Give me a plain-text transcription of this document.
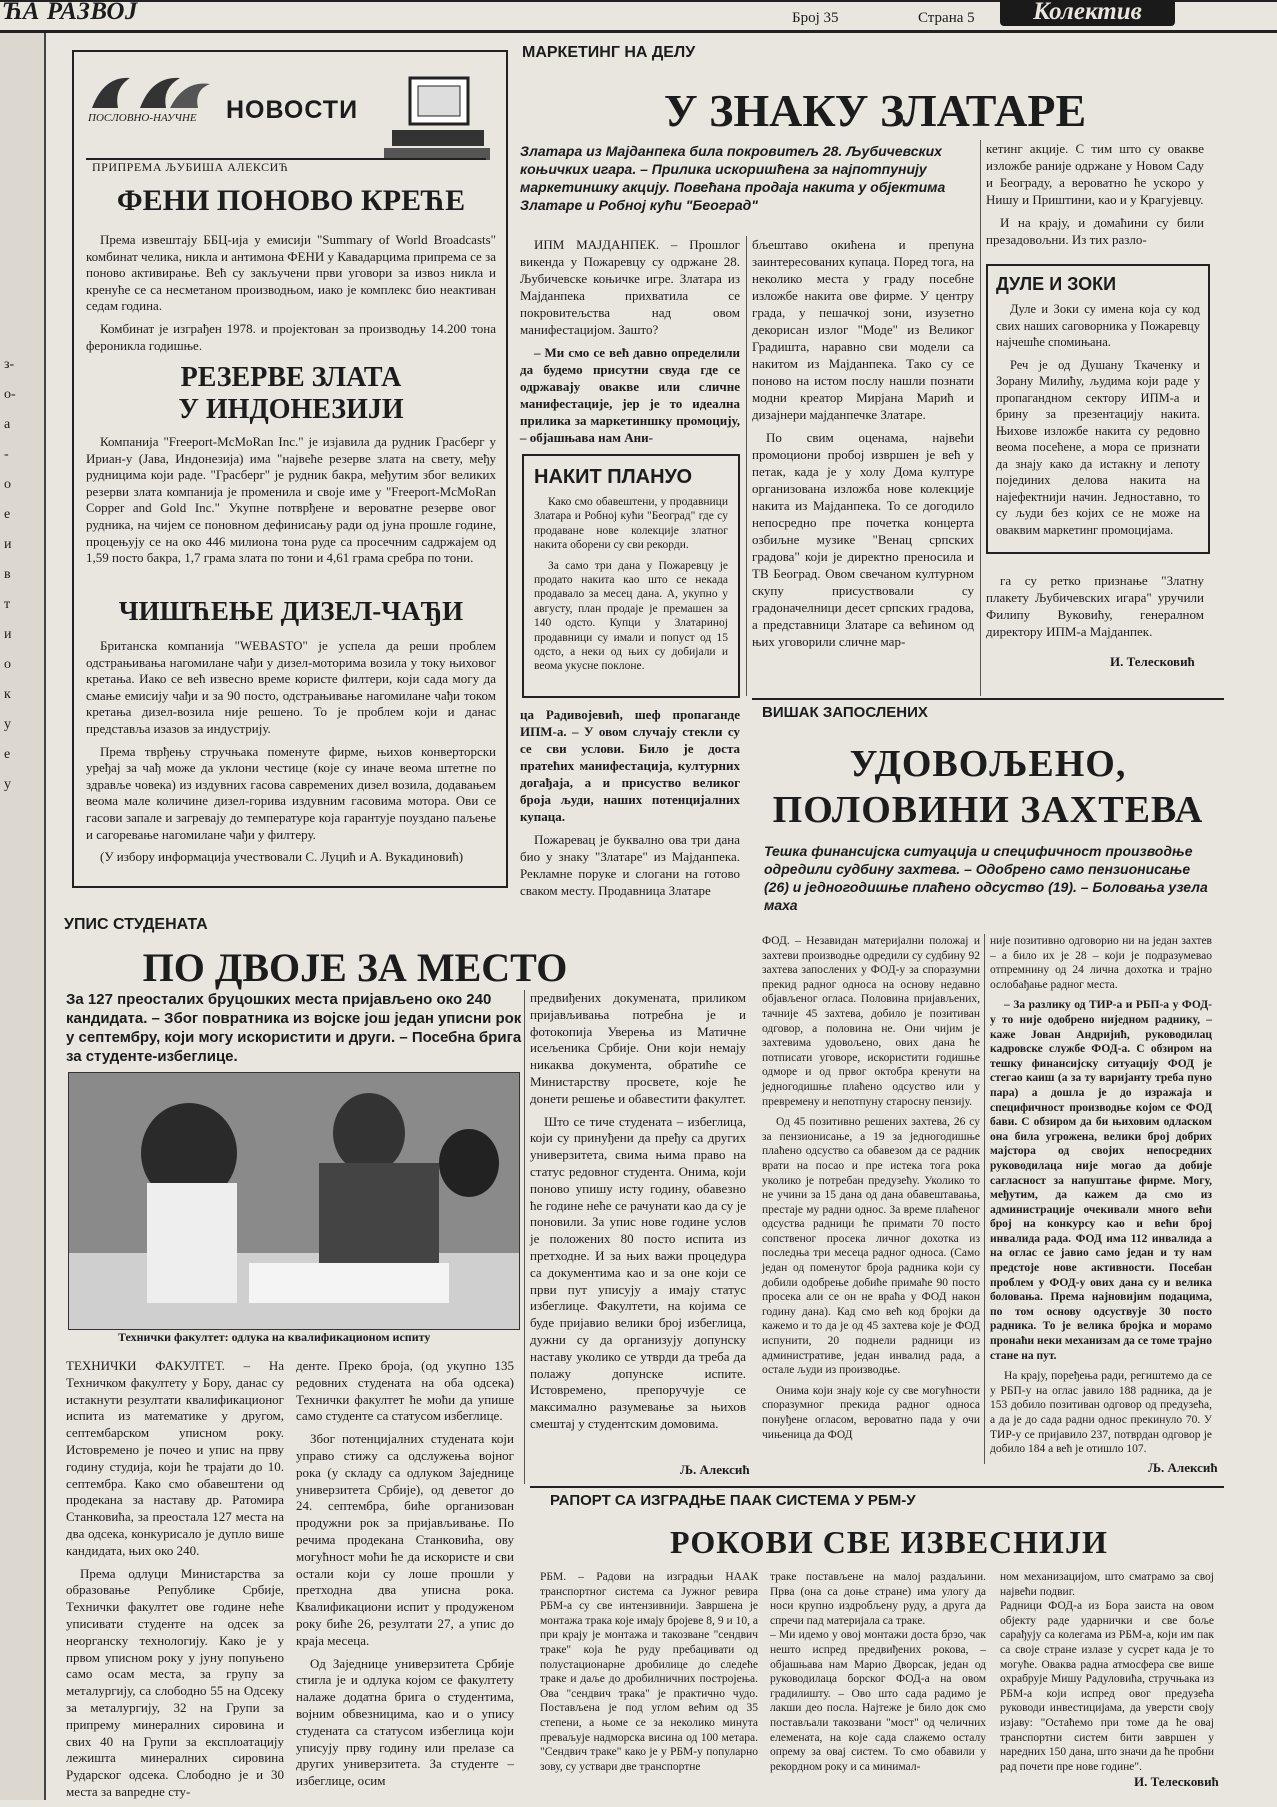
ЋА РАЗВОЈ	Број 35	Страна 5	Колектив
з-
о-
а
-
о
е
и
в
т
и
о
к
у
е
у
ПОСЛОВНО-НАУЧНЕ НОВОСТИ
ПРИПРЕМА ЉУБИША АЛЕКСИЋ
ФЕНИ ПОНОВО КРЕЋЕ

Према извештају ББЦ-ија у емисији "Summary of World Broadcasts" комбинат челика, никла и антимона ФЕНИ у Кавадарцима припрема се за поново активирање. Већ су закључени први уговори за извоз никла и кренуће се са несметаном производњом, иако је комплекс био неактиван седам година.

Комбинат је изграђен 1978. и пројектован за производњу 14.200 тона фероникла годишње.

РЕЗЕРВЕ ЗЛАТА
У ИНДОНЕЗИЈИ

Компанија "Freeport-McMoRan Inc." је изјавила да рудник Грасберг у Ириан-у (Јава, Индонезија) има "највеће резерве злата на свету, међу рудницима који раде. "Грасберг" је рудник бакра, међутим због великих резерви злата компанија је променила и своје име у "Freeport-McMoRan Copper and Gold Inc." Укупне потврђене и вероватне резерве овог рудника, на чијем се поновном дефинисању ради од јуна прошле године, процењују се на око 446 милиона тона руде са просечним садржајем од 1,59 посто бакра, 1,7 грама злата по тони и 4,61 грама сребра по тони.

ЧИШЋЕЊЕ ДИЗЕЛ-ЧАЂИ

Британска компанија "WEBASTO" је успела да реши проблем одстрањивања нагомилане чађи у дизел-моторима возила у току њиховог кретања. Иако се већ извесно време користе филтери, који сада могу да смање емисију чађи и за 90 посто, одстрањивање нагомилане чађи током кретања дизел-возила није решено. То је проблем који и данас представља изазов за индустрију.

Према тврђењу стручњака поменуте фирме, њихов конверторски уређај за чађ може да уклони честице (које су иначе веома штетне по здравље човека) из издувних гасова савремених дизел возила, додавањем веома мале количине дизел-горива издувним гасовима мотора. Ови се гасови запале и загревају до температуре која гарантује поуздано паљење и сагоревање нагомилане чађи у филтеру.

(У избору информација учествовали С. Луцић и А. Вукадиновић)

МАРКЕТИНГ НА ДЕЛУ
У ЗНАКУ ЗЛАТАРЕ
Златара из Мајданпека била покровитељ 28. Љубичевских коњичких игара. – Прилика искоришћена за најпотпунију маркетиншку акцију. Повећана продаја накита у објектима Златаре и Робној кући "Београд"

ИПМ МАЈДАНПЕК. – Прошлог викенда у Пожаревцу су одржане 28. Љубичевске коњичке игре. Златара из Мајданпека прихватила се покровитељства над овом манифестацијом. Зашто?

– Ми смо се већ давно определили да будемо присутни свуда где се одржавају овакве или сличне манифестације, јер је то идеална прилика за маркетиншку промоцију, – објашњава нам Ани-

НАКИТ ПЛАНУО

Како смо обавештени, у продавници Златара и Робној кући "Београд" где су продаване нове колекције златног накита оборени су сви рекорди.

За само три дана у Пожаревцу је продато накита као што се некада продавало за месец дана. А, укупно у августу, план продаје је премашен за 140 одсто. Купци у Златариној продавници су имали и попуст од 15 одсто, а неки од њих су добијали и веома укусне поклоне.

ца Радивојевић, шеф пропаганде ИПМ-а. – У овом случају стекли су се сви услови. Било је доста пратећих манифестација, културних догађаја, а и присуство великог броја људи, наших потенцијалних купаца.

Пожаревац је буквално ова три дана био у знаку "Златаре" из Мајданпека. Рекламне поруке и слогани на готово сваком месту. Продавница Златаре

бљештаво окићена и препуна заинтересованих купаца. Поред тога, на неколико места у граду посебне изложбе накита ове фирме. У центру града, у пешачкој зони, изузетно декорисан излог "Моде" из Великог Градишта, наравно сви модели са накитом из Мајданпека. Тако су се поново на истом послу нашли познати модни креатор Мирјана Марић и дизајнери мајданпечке Златаре.

По свим оценама, највећи промоциони пробој извршен је већ у петак, када је у холу Дома културе организована изложба нове колекције накита из Мајданпека. То се догодило непосредно пре почетка концерта озбиљне музике "Венац српских градова" који је директно преносила и ТВ Београд. Овом свечаном културном скупу присуствовали су градоначелници десет српских градова, а представници Златаре са већином од њих уговорили сличне мар-

кетинг акције. С тим што су овакве изложбе раније одржане у Новом Саду и Београду, а вероватно ће ускоро у Нишу и Приштини, као и у Крагујевцу.

И на крају, и домаћини су били презадовољни. Из тих разло-

ДУЛЕ И ЗОКИ

Дуле и Зоки су имена која су код свих наших саговорника у Пожаревцу најчешће спомињана.

Реч је од Душану Ткаченку и Зорану Милићу, људима који раде у пропагандном сектору ИПМ-а и брину за презентацију накита. Њихове изложбе накита су редовно веома посећене, а мора се признати да знају како да истакну и лепоту појединих делова накита на најефектнији начин. Једноставно, то су људи без којих се не може на оваквим маркетинг промоцијама.

га су ретко признање "Златну плакету Љубичевских игара" уручили Филипу Вуковићу, генералном директору ИПМ-а Мајданпек.

И. Телесковић
ВИШАК ЗАПОСЛЕНИХ
УДОВОЉЕНО,
ПОЛОВИНИ ЗАХТЕВА
Тешка финансијска ситуација и специфичност производње одредили судбину захтева. – Одобрено само пензионисање (26) и једногодишње плаћено одсуство (19). – Боловања узела маха

ФОД. – Незавидан материјални положај и захтеви производње одредили су судбину 92 захтева запослених у ФОД-у за споразумни прекид радног односа на основу недавно објављеног огласа. Половина пријављених, тачније 45 захтева, добило је позитиван одговор, а половина не. Они чијим је захтевима удовољено, ових дана ће потписати уговоре, искористити годишње одморе и од првог октобра кренути на једногодишње плаћено одсуство или у превремену и непотпуну старосну пензију.

Од 45 позитивно решених захтева, 26 су за пензионисање, а 19 за једногодишње плаћено одсуство са обавезом да се радник врати на посао и пре истека тога рока уколико је потребан предузећу. Уколико то не учини за 15 дана од дана обавештавања, престаје му радни однос. За време плаћеног одсуства радници ће примати 70 посто сопственог просека личног дохотка из последња три месеца радног односа. (Само један од поменутог броја радника који су добили одобрење добиће примаће 90 посто просека али се он не враћа у ФОД након годину дана). Кад смо већ код бројки да кажемо и то да је од 45 захтева које је ФОД испунити, 20 поднели радници из административе, један инвалид рада, а остале људи из производње.

Онима који знају које су све могућности споразумног прекида радног односа понуђене огласом, вероватно пада у очи чињеница да ФОД

није позитивно одговорио ни на један захтев – а било их је 28 – који је подразумевао отпремнину од 24 лична дохотка и трајно ослобађање радног места.

– За разлику од ТИР-а и РБП-а у ФОД-у то није одобрено ниједном раднику, – каже Јован Андријић, руководилац кадровске службе ФОД-а. С обзиром на тешку финансијску ситуацију ФОД је стегао каиш (а за ту варијанту треба пуно пара) а дошла је до изражаја и специфичност производње којом се ФОД бави. С обзиром да би њиховим одласком она била угрожена, велики број добрих мајстора од својих непосредних руководилаца није могао да добије сагласност за напуштање фирме. Могу, међутим, да кажем да смо из администрације очекивали много већи број на конкурсу као и већи број инвалида рада. ФОД има 112 инвалида а на оглас се јавио само један и ту нам предстоје нове активности. Посебан проблем у ФОД-у ових дана су и велика боловања. Према најновијим подацима, по том основу одсуствује 30 посто радника. То је велика бројка и морамо пронаћи неки механизам да се томе трајно стане на пут.

На крају, поређења ради, региштемо да се у РБП-у на оглас јавило 188 радника, да је 153 добило позитиван одговор од предузећа, а да је до сада радни однос прекинуло 70. У ТИР-у се пријавило 237, потврдан одговор је добило 184 а већ је отишло 107.

Љ. Алексић
УПИС СТУДЕНАТА
ПО ДВОЈЕ ЗА МЕСТО
За 127 преосталих бруцошких места пријављено око 240 кандидата. – Због повратника из војске још један уписни рок у септембру, који могу искористити и други. – Посебна брига за студенте-избеглице.
Технички факултет: одлука на квалификационом испиту

ТЕХНИЧКИ ФАКУЛТЕТ. – На Техничком факултету у Бору, данас су истакнути резултати квалификационог испита из математике у другом, септембарском уписном року. Истовремено је почео и упис на прву годину студија, који ће трајати до 10. септембра. Како смо обавештени од продекана за наставу др. Ратомира Станковића, за преостала 127 места на два одсека, конкурисало је дупло више кандидата, њих око 240.

Према одлуци Министарства за образовање Републике Србије, Технички факултет ове године неће уписивати студенте на одсек за неорганску технологију. Како је у првом уписном року у јуну попуњено само осам места, за групу за металургију, са слободно 55 на Одсеку за металургију, 32 на Групи за припрему минералних сировина и свих 40 на Групи за експлоатацију лежишта минералних сировина Рударског одсека. Слободно је и 30 места за вanредне сту-

денте. Преко броја, (од укупно 135 редовних студената на оба одсека) Технички факултет ће моћи да упише само студенте са статусом избеглице.

Због потенцијалних студената који управо стижу са одслужења војног рока (у складу са одлуком Заједнице универзитета Србије), од деветог до 24. септембра, биће организован продужни рок за пријављивање. По речима продекана Станковића, ову могућност моћи ће да искористе и сви остали који су лоше прошли у претходна два уписна рока. Квалификациони испит у продуженом року биће 26, резултати 27, а упис до краја месеца.

Од Заједнице универзитета Србије стигла је и одлука којом се факултету налаже додатна брига о студентима, војним обвезницима, као и о упису студената са статусом избеглица који уписују прву годину или прелазе са других универзитета. За студенте – избеглице, осим

предвиђених докумената, приликом пријављивања потребна је и фотокопија Уверења из Матичне исељеника Србије. Они који немају никаква документа, обратиће се Министарству просвете, које ће донети решење и обавестити факултет.

Што се тиче студената – избеглица, који су принуђени да пређу са других универзитета, свима њима право на статус редовног студента. Онима, који поново упишу исту годину, обавезно ће године неће се рачунати као да су је поновили. За упис нове године услов је положених 80 посто испита из претходне. И за њих важи процедура са документима као и за оне који се први пут уписују а имају статус избеглице. Факултети, на којима се буде пријавио велики број избеглица, дужни су да организују допунску наставу уколико се утврди да треба да полажу допунске испите. Истовремено, препоручује се максимално разумевање за њихов смештај у студентским домовима.

Љ. Алексић
РАПОРТ СА ИЗГРАДЊЕ ПААК СИСТЕМА У РБМ-У
РОКОВИ СВЕ ИЗВЕСНИЈИ
РБМ. – Радови на изградњи НААК транспортног система са Јужног ревира РБМ-а су све интензивнији. Завршена је монтажа трака које имају бројеве 8, 9 и 10, а при крају је монтажа и такозване "сендвич траке" која ће руду пребацивати од полустационарне дробилице до следеће траке и даље до дробилничних постројења. Ова "сендвич трака" је практично чудо. Постављена је под углом већим од 35 степени, а њоме се за неколико минута превaљује надморска висина од 100 метара. "Сендвич траке" како је у РБМ-у популарно зову, су уствари две транспортне
траке постављене на малој раздаљини. Прва (она са доње стране) има улогу да носи крупно издробљену руду, а друга да спречи пад материјала са траке.
– Ми идемо у овој монтажи доста брзо, чак нешто испред предвиђених рокова, – објашњава нам Марио Дворсак, један од руководилаца борског ФОД-а на овом градилишту. – Ово што сада радимо је лакши део посла. Најтеже је било док смо постављали такозвани "мост" од челичних елемената, на које сада слажемо осталу опрему за овај систем. То смо обавили у рекордном року и са минимал-
ном механизацијом, што сматрамо за свој највећи подвиг.
Радници ФОД-а из Бора заиста на овом објекту раде ударнички и све боље сарађују са колегама из РБМ-а, који им пак са своје стране излазе у сусрет када је то могуће. Оваква радна атмосфера све више охрабрује Мишу Радуловића, стручњака из РБМ-а који испред овог предузећа руководи инвестицијама, да уверсти своју изјаву: "Остаћемо при томе да ће овај транспортни систем бити завршен у наредних 150 дана, што значи да ће пробни рад почети пре нове године".
И. Телесковић
